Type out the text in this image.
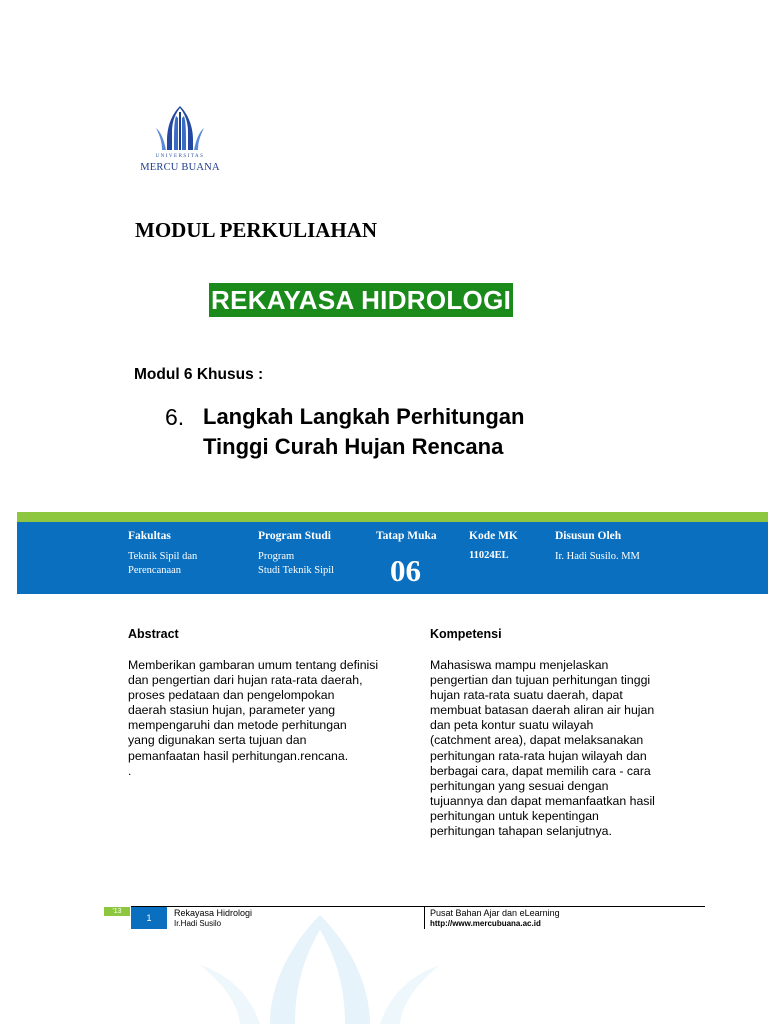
UNIVERSITAS
MERCU BUANA
MODUL PERKULIAHAN
REKAYASA HIDROLOGI
Modul 6 Khusus :
6. Langkah Langkah Perhitungan
Tinggi Curah Hujan Rencana
Fakultas
Teknik Sipil dan
Perencanaan
Program Studi
Program
Studi Teknik Sipil
Tatap Muka
06
Kode MK
11024EL
Disusun Oleh
Ir. Hadi Susilo. MM
Abstract
Memberikan gambaran umum tentang definisi
dan pengertian dari hujan rata-rata daerah,
proses pedataan dan pengelompokan
daerah stasiun hujan, parameter yang
mempengaruhi dan metode perhitungan
yang digunakan serta tujuan dan
pemanfaatan hasil perhitungan.rencana.
.
Kompetensi
Mahasiswa mampu menjelaskan
pengertian dan tujuan perhitungan tinggi
hujan rata-rata suatu daerah, dapat
membuat batasan daerah aliran air hujan
dan peta kontur suatu wilayah
(catchment area), dapat melaksanakan
perhitungan rata-rata hujan wilayah dan
berbagai cara, dapat memilih cara - cara
perhitungan yang sesuai dengan
tujuannya dan dapat memanfaatkan hasil
perhitungan untuk kepentingan
perhitungan tahapan selanjutnya.
'13
1	Rekayasa Hidrologi
Ir.Hadi Susilo
Pusat Bahan Ajar dan eLearning
http://www.mercubuana.ac.id
